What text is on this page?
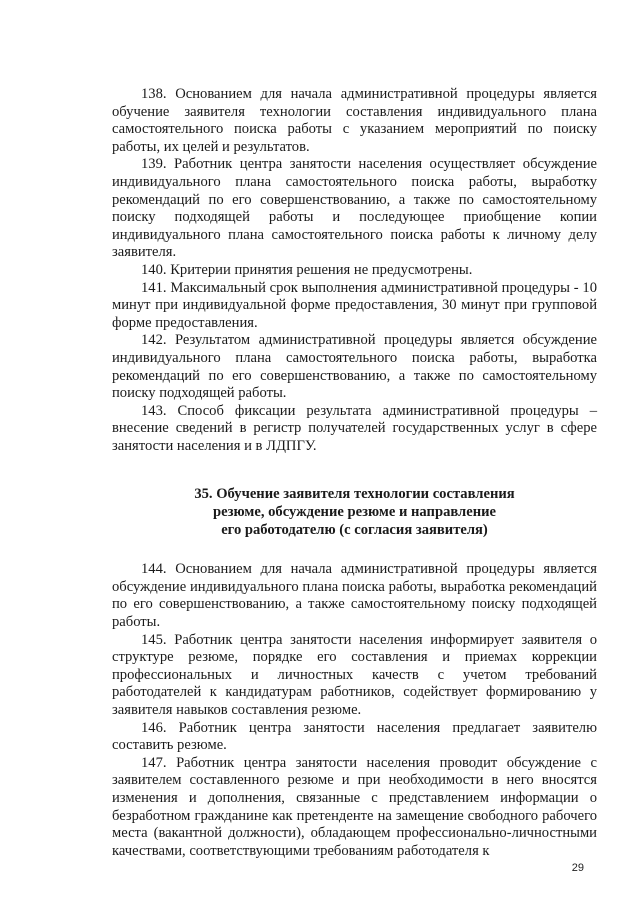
138. Основанием для начала административной процедуры является обучение заявителя технологии составления индивидуального плана самостоятельного поиска работы с указанием мероприятий по поиску работы, их целей и результатов.

139. Работник центра занятости населения осуществляет обсуждение индивидуального плана самостоятельного поиска работы, выработку рекомендаций по его совершенствованию, а также по самостоятельному поиску подходящей работы и последующее приобщение копии индивидуального плана самостоятельного поиска работы к личному делу заявителя.

140. Критерии принятия решения не предусмотрены.

141. Максимальный срок выполнения административной процедуры - 10 минут при индивидуальной форме предоставления, 30 минут при групповой форме предоставления.

142. Результатом административной процедуры является обсуждение индивидуального плана самостоятельного поиска работы, выработка рекомендаций по его совершенствованию, а также по самостоятельному поиску подходящей работы.

143. Способ фиксации результата административной процедуры – внесение сведений в регистр получателей государственных услуг в сфере занятости населения и в ЛДПГУ.

35. Обучение заявителя технологии составления
резюме, обсуждение резюме и направление
его работодателю (с согласия заявителя)

144. Основанием для начала административной процедуры является обсуждение индивидуального плана поиска работы, выработка рекомендаций по его совершенствованию, а также самостоятельному поиску подходящей работы.

145. Работник центра занятости населения информирует заявителя о структуре резюме, порядке его составления и приемах коррекции профессиональных и личностных качеств с учетом требований работодателей к кандидатурам работников, содействует формированию у заявителя навыков составления резюме.

146. Работник центра занятости населения предлагает заявителю составить резюме.

147. Работник центра занятости населения проводит обсуждение с заявителем составленного резюме и при необходимости в него вносятся изменения и дополнения, связанные с представлением информации о безработном гражданине как претенденте на замещение свободного рабочего места (вакантной должности), обладающем профессионально-личностными качествами, соответствующими требованиям работодателя к

29
